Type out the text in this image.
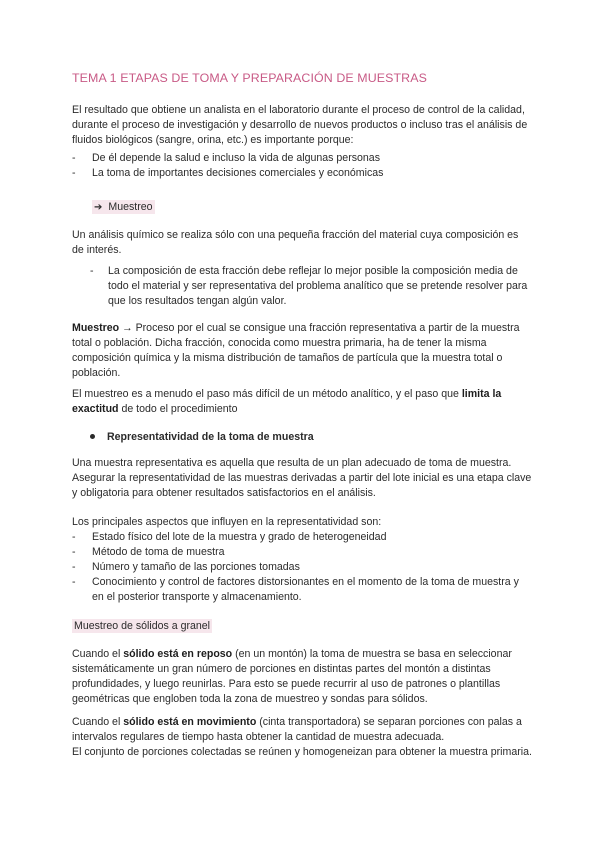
TEMA 1 ETAPAS DE TOMA Y PREPARACIÓN DE MUESTRAS

El resultado que obtiene un analista en el laboratorio durante el proceso de control de la calidad, durante el proceso de investigación y desarrollo de nuevos productos o incluso tras el análisis de fluidos biológicos (sangre, orina, etc.) es importante porque:

- De él depende la salud e incluso la vida de algunas personas
- La toma de importantes decisiones comerciales y económicas
➔ Muestreo

Un análisis químico se realiza sólo con una pequeña fracción del material cuya composición es de interés.

- La composición de esta fracción debe reflejar lo mejor posible la composición media de todo el material y ser representativa del problema analítico que se pretende resolver para que los resultados tengan algún valor.

Muestreo → Proceso por el cual se consigue una fracción representativa a partir de la muestra total o población. Dicha fracción, conocida como muestra primaria, ha de tener la misma composición química y la misma distribución de tamaños de partícula que la muestra total o población.

El muestreo es a menudo el paso más difícil de un método analítico, y el paso que limita la exactitud de todo el procedimiento

Representatividad de la toma de muestra

Una muestra representativa es aquella que resulta de un plan adecuado de toma de muestra. Asegurar la representatividad de las muestras derivadas a partir del lote inicial es una etapa clave y obligatoria para obtener resultados satisfactorios en el análisis.

Los principales aspectos que influyen en la representatividad son:

- Estado físico del lote de la muestra y grado de heterogeneidad
- Método de toma de muestra
- Número y tamaño de las porciones tomadas
- Conocimiento y control de factores distorsionantes en el momento de la toma de muestra y en el posterior transporte y almacenamiento.
Muestreo de sólidos a granel

Cuando el sólido está en reposo (en un montón) la toma de muestra se basa en seleccionar sistemáticamente un gran número de porciones en distintas partes del montón a distintas profundidades, y luego reunirlas. Para esto se puede recurrir al uso de patrones o plantillas geométricas que engloben toda la zona de muestreo y sondas para sólidos.

Cuando el sólido está en movimiento (cinta transportadora) se separan porciones con palas a intervalos regulares de tiempo hasta obtener la cantidad de muestra adecuada.

El conjunto de porciones colectadas se reúnen y homogeneizan para obtener la muestra primaria.
